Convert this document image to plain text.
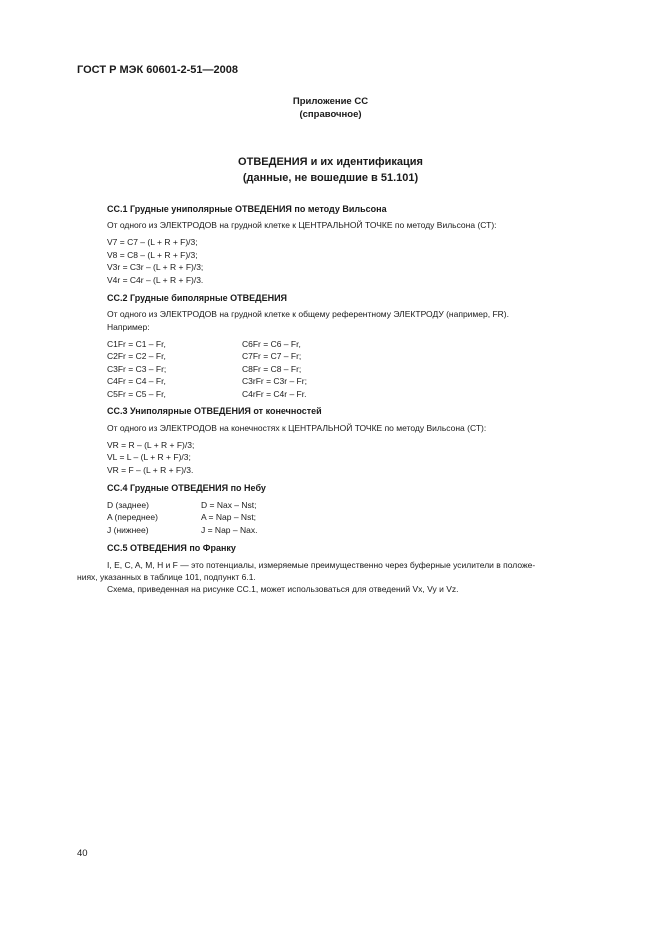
ГОСТ Р МЭК 60601-2-51—2008
Приложение СС
(справочное)
ОТВЕДЕНИЯ и их идентификация
(данные, не вошедшие в 51.101)
СС.1 Грудные униполярные ОТВЕДЕНИЯ по методу Вильсона
От одного из ЭЛЕКТРОДОВ на грудной клетке к ЦЕНТРАЛЬНОЙ ТОЧКЕ по методу Вильсона (СТ):
V7 = C7 – (L + R + F)/3;
V8 = C8 – (L + R + F)/3;
V3r = C3r – (L + R + F)/3;
V4r = C4r – (L + R + F)/3.
СС.2 Грудные биполярные ОТВЕДЕНИЯ
От одного из ЭЛЕКТРОДОВ на грудной клетке к общему референтному ЭЛЕКТРОДУ (например, FR).
Например:
C1Fr = C1 – Fr,
C2Fr = C2 – Fr,
C3Fr = C3 – Fr;
C4Fr = C4 – Fr,
C5Fr = C5 – Fr,
C6Fr = C6 – Fr,
C7Fr = C7 – Fr;
C8Fr = C8 – Fr;
C3rFr = C3r – Fr;
C4rFr = C4r – Fr.
СС.3 Униполярные ОТВЕДЕНИЯ от конечностей
От одного из ЭЛЕКТРОДОВ на конечностях к ЦЕНТРАЛЬНОЙ ТОЧКЕ по методу Вильсона (СТ):
VR = R – (L + R + F)/3;
VL = L – (L + R + F)/3;
VR = F – (L + R + F)/3.
СС.4 Грудные ОТВЕДЕНИЯ по Небу
D (заднее)
A (переднее)
J (нижнее)
D = Nax – Nst;
A = Nap – Nst;
J = Nap – Nax.
СС.5 ОТВЕДЕНИЯ по Франку
I, E, C, A, M, H и F — это потенциалы, измеряемые преимущественно через буферные усилители в положе-
ниях, указанных в таблице 101, подпункт 6.1.
Схема, приведенная на рисунке СС.1, может использоваться для отведений Vx, Vy и Vz.
40
